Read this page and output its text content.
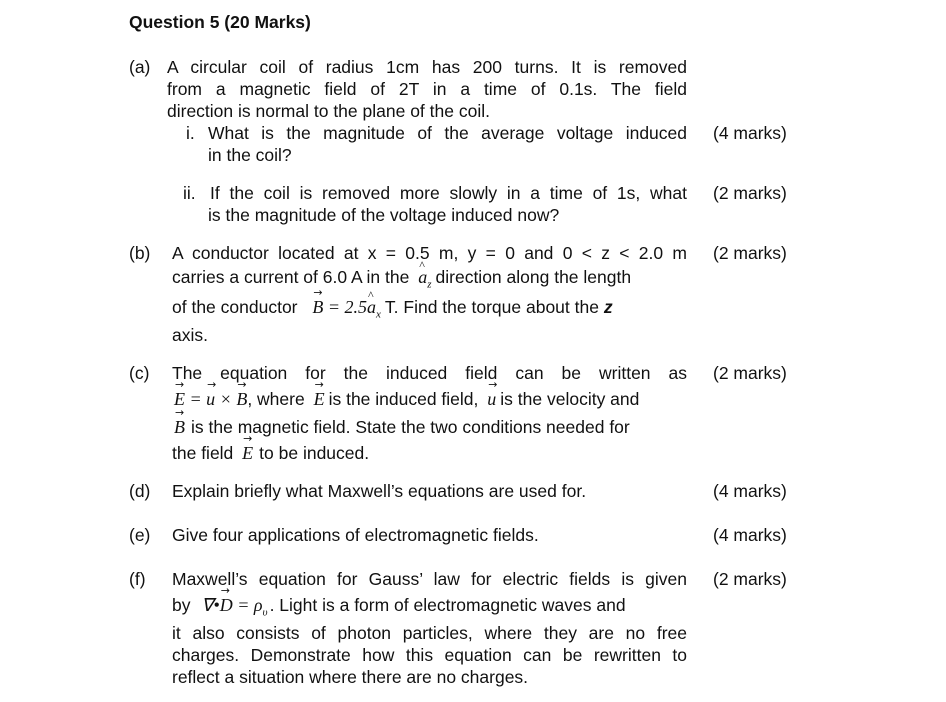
Question 5 (20 Marks)
(a) A circular coil of radius 1cm has 200 turns. It is removed
from a magnetic field of 2T in a time of 0.1s. The field
direction is normal to the plane of the coil.
i. What is the magnitude of the average voltage induced
in the coil?
(4 marks)
ii. If the coil is removed more slowly in a time of 1s, what
is the magnitude of the voltage induced now?
(2 marks)
(b) A conductor located at x = 0.5 m, y = 0 and 0 < z < 2.0 m (2 marks)
carries a current of 6.0 A in the ^ $a_z$ direction along the length
of the conductor → B = 2.5^ $a_x$ T. Find the torque about the z
axis.
(c) The equation for the induced field can be written as (2 marks)
→ E = → u × → B, where → E is the induced field, → u is the velocity and
→ B is the magnetic field. State the two conditions needed for
the field → E to be induced.
(d) Explain briefly what Maxwell’s equations are used for.	(4 marks)
(e) Give four applications of electromagnetic fields.	(4 marks)
(f) Maxwell’s equation for Gauss’ law for electric fields is given (2 marks)
by ∇•→ $D = \rho_\upsilon$ . Light is a form of electromagnetic waves and
it also consists of photon particles, where they are no free
charges. Demonstrate how this equation can be rewritten to
reflect a situation where there are no charges.
